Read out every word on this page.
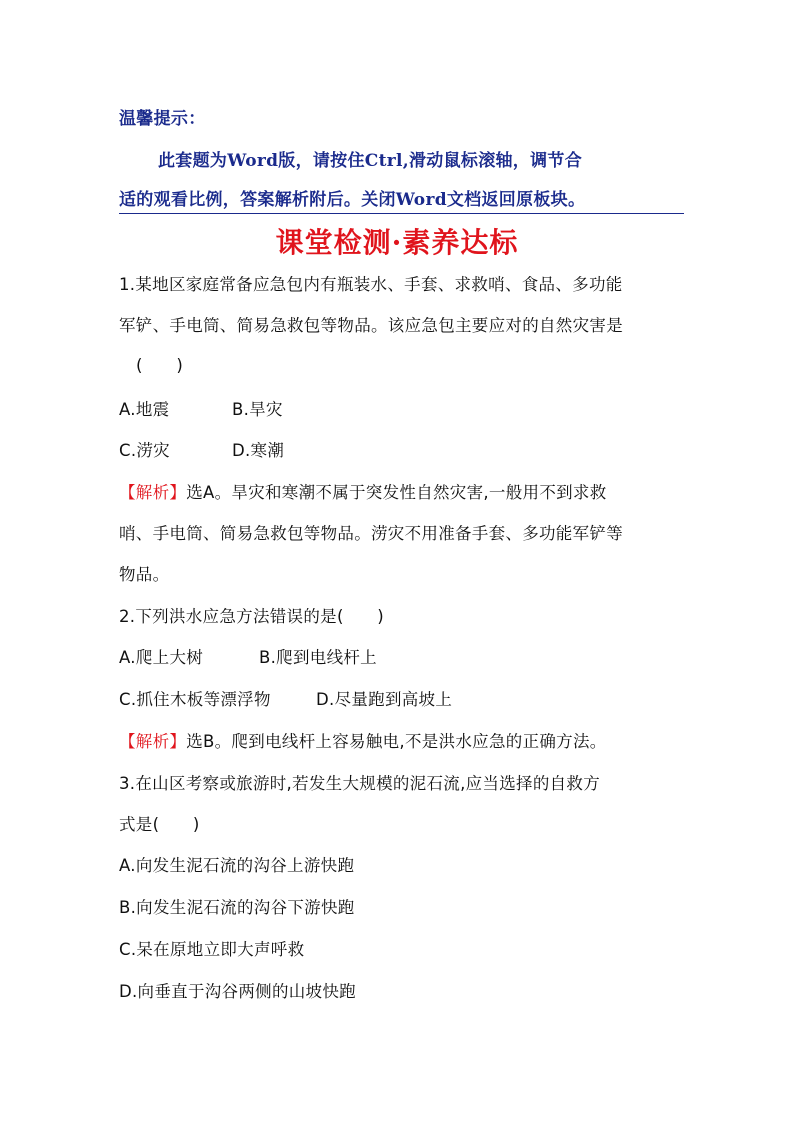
温馨提示：
此套题为Word版，请按住Ctrl,滑动鼠标滚轴，调节合
适的观看比例，答案解析附后。关闭Word文档返回原板块。
课堂检测·素养达标
1.某地区家庭常备应急包内有瓶装水、手套、求救哨、食品、多功能
军铲、手电筒、简易急救包等物品。该应急包主要应对的自然灾害是
(　　)
A.地震	B.旱灾
C.涝灾	D.寒潮
【解析】选A。旱灾和寒潮不属于突发性自然灾害,一般用不到求救
哨、手电筒、简易急救包等物品。涝灾不用准备手套、多功能军铲等
物品。
2.下列洪水应急方法错误的是(　　)
A.爬上大树	B.爬到电线杆上
C.抓住木板等漂浮物	D.尽量跑到高坡上
【解析】选B。爬到电线杆上容易触电,不是洪水应急的正确方法。
3.在山区考察或旅游时,若发生大规模的泥石流,应当选择的自救方
式是(　　)
A.向发生泥石流的沟谷上游快跑
B.向发生泥石流的沟谷下游快跑
C.呆在原地立即大声呼救
D.向垂直于沟谷两侧的山坡快跑
